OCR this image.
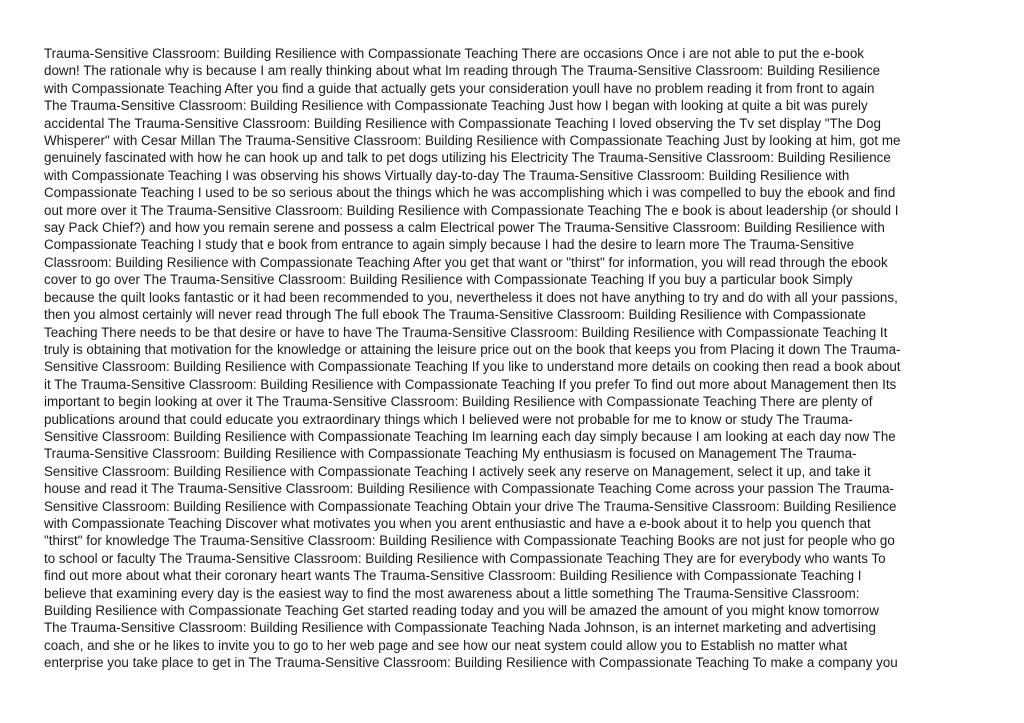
Trauma-Sensitive Classroom: Building Resilience with Compassionate Teaching There are occasions Once i are not able to put the e-book
down! The rationale why is because I am really thinking about what Im reading through The Trauma-Sensitive Classroom: Building Resilience
with Compassionate Teaching After you find a guide that actually gets your consideration youll have no problem reading it from front to again
The Trauma-Sensitive Classroom: Building Resilience with Compassionate Teaching Just how I began with looking at quite a bit was purely
accidental The Trauma-Sensitive Classroom: Building Resilience with Compassionate Teaching I loved observing the Tv set display "The Dog
Whisperer" with Cesar Millan The Trauma-Sensitive Classroom: Building Resilience with Compassionate Teaching Just by looking at him, got me
genuinely fascinated with how he can hook up and talk to pet dogs utilizing his Electricity The Trauma-Sensitive Classroom: Building Resilience
with Compassionate Teaching I was observing his shows Virtually day-to-day The Trauma-Sensitive Classroom: Building Resilience with
Compassionate Teaching I used to be so serious about the things which he was accomplishing which i was compelled to buy the ebook and find
out more over it The Trauma-Sensitive Classroom: Building Resilience with Compassionate Teaching The e book is about leadership (or should I
say Pack Chief?) and how you remain serene and possess a calm Electrical power The Trauma-Sensitive Classroom: Building Resilience with
Compassionate Teaching I study that e book from entrance to again simply because I had the desire to learn more The Trauma-Sensitive
Classroom: Building Resilience with Compassionate Teaching After you get that want or "thirst" for information, you will read through the ebook
cover to go over The Trauma-Sensitive Classroom: Building Resilience with Compassionate Teaching If you buy a particular book Simply
because the quilt looks fantastic or it had been recommended to you, nevertheless it does not have anything to try and do with all your passions,
then you almost certainly will never read through The full ebook The Trauma-Sensitive Classroom: Building Resilience with Compassionate
Teaching There needs to be that desire or have to have The Trauma-Sensitive Classroom: Building Resilience with Compassionate Teaching It
truly is obtaining that motivation for the knowledge or attaining the leisure price out on the book that keeps you from Placing it down The Trauma-
Sensitive Classroom: Building Resilience with Compassionate Teaching If you like to understand more details on cooking then read a book about
it The Trauma-Sensitive Classroom: Building Resilience with Compassionate Teaching If you prefer To find out more about Management then Its
important to begin looking at over it The Trauma-Sensitive Classroom: Building Resilience with Compassionate Teaching There are plenty of
publications around that could educate you extraordinary things which I believed were not probable for me to know or study The Trauma-
Sensitive Classroom: Building Resilience with Compassionate Teaching Im learning each day simply because I am looking at each day now The
Trauma-Sensitive Classroom: Building Resilience with Compassionate Teaching My enthusiasm is focused on Management The Trauma-
Sensitive Classroom: Building Resilience with Compassionate Teaching I actively seek any reserve on Management, select it up, and take it
house and read it The Trauma-Sensitive Classroom: Building Resilience with Compassionate Teaching Come across your passion The Trauma-
Sensitive Classroom: Building Resilience with Compassionate Teaching Obtain your drive The Trauma-Sensitive Classroom: Building Resilience
with Compassionate Teaching Discover what motivates you when you arent enthusiastic and have a e-book about it to help you quench that
"thirst" for knowledge The Trauma-Sensitive Classroom: Building Resilience with Compassionate Teaching Books are not just for people who go
to school or faculty The Trauma-Sensitive Classroom: Building Resilience with Compassionate Teaching They are for everybody who wants To
find out more about what their coronary heart wants The Trauma-Sensitive Classroom: Building Resilience with Compassionate Teaching I
believe that examining every day is the easiest way to find the most awareness about a little something The Trauma-Sensitive Classroom:
Building Resilience with Compassionate Teaching Get started reading today and you will be amazed the amount of you might know tomorrow
The Trauma-Sensitive Classroom: Building Resilience with Compassionate Teaching Nada Johnson, is an internet marketing and advertising
coach, and she or he likes to invite you to go to her web page and see how our neat system could allow you to Establish no matter what
enterprise you take place to get in The Trauma-Sensitive Classroom: Building Resilience with Compassionate Teaching To make a company you
